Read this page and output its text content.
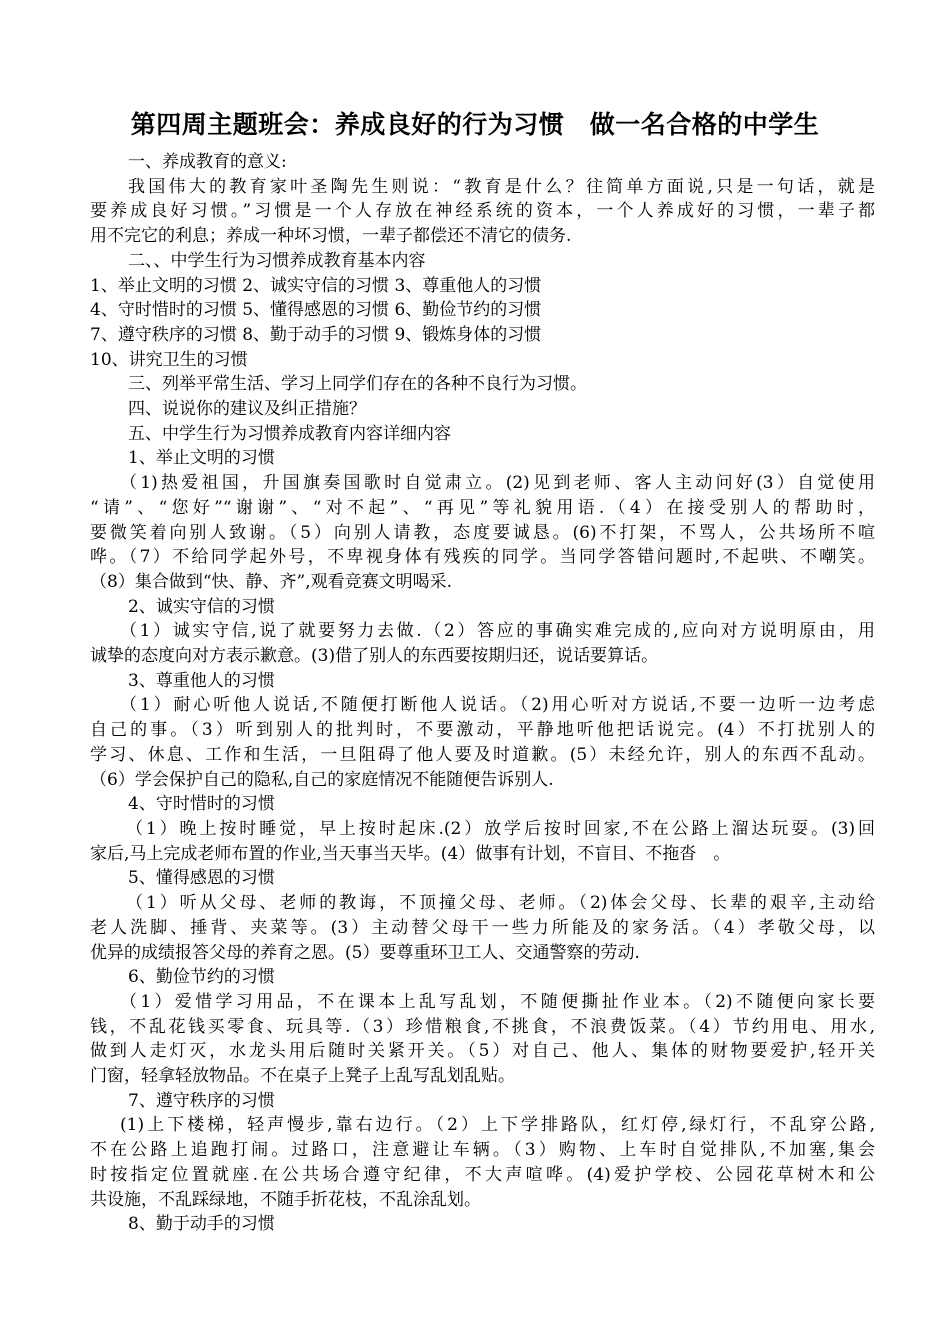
第四周主题班会：养成良好的行为习惯　做一名合格的中学生
一、养成教育的意义:
我国伟大的教育家叶圣陶先生则说：“教育是什么？往简单方面说,只是一句话，就是
要养成良好习惯。”习惯是一个人存放在神经系统的资本，一个人养成好的习惯，一辈子都
用不完它的利息；养成一种坏习惯，一辈子都偿还不清它的债务.
二、、中学生行为习惯养成教育基本内容
1、举止文明的习惯 2、诚实守信的习惯 3、尊重他人的习惯
4、守时惜时的习惯 5、懂得感恩的习惯 6、勤俭节约的习惯
7、遵守秩序的习惯 8、勤于动手的习惯 9、锻炼身体的习惯
10、讲究卫生的习惯
三、列举平常生活、学习上同学们存在的各种不良行为习惯。
四、说说你的建议及纠正措施？
五、中学生行为习惯养成教育内容详细内容
1、举止文明的习惯
（1)热爱祖国，升国旗奏国歌时自觉肃立。(2)见到老师、客人主动问好(3）自觉使用
“请”、“您好”“谢谢”、“对不起”、“再见”等礼貌用语.（4）在接受别人的帮助时，
要微笑着向别人致谢。（5）向别人请教，态度要诚恳。(6)不打架，不骂人，公共场所不喧
哗。（7）不给同学起外号，不卑视身体有残疾的同学。当同学答错问题时,不起哄、不嘲笑。
（8）集合做到“快、静、齐”,观看竞赛文明喝采.
2、诚实守信的习惯
（1）诚实守信,说了就要努力去做.（2）答应的事确实难完成的,应向对方说明原由，用
诚挚的态度向对方表示歉意。(3)借了别人的东西要按期归还，说话要算话。
3、尊重他人的习惯
（1）耐心听他人说话,不随便打断他人说话。（2)用心听对方说话,不要一边听一边考虑
自己的事。（3）听到别人的批判时，不要激动，平静地听他把话说完。(4）不打扰别人的
学习、休息、工作和生活，一旦阻碍了他人要及时道歉。(5）未经允许，别人的东西不乱动。
（6）学会保护自己的隐私,自己的家庭情况不能随便告诉别人.
4、守时惜时的习惯
（1）晚上按时睡觉，早上按时起床.(2）放学后按时回家,不在公路上溜达玩耍。(3)回
家后,马上完成老师布置的作业,当天事当天毕。(4）做事有计划，不盲目、不拖沓　。
5、懂得感恩的习惯
（1）听从父母、老师的教诲，不顶撞父母、老师。（2)体会父母、长辈的艰辛,主动给
老人洗脚、捶背、夹菜等。(3）主动替父母干一些力所能及的家务活。（4）孝敬父母，以
优异的成绩报答父母的养育之恩。(5）要尊重环卫工人、交通警察的劳动.
6、勤俭节约的习惯
（1）爱惜学习用品，不在课本上乱写乱划，不随便撕扯作业本。（2)不随便向家长要
钱，不乱花钱买零食、玩具等.（3）珍惜粮食,不挑食，不浪费饭菜。（4）节约用电、用水,
做到人走灯灭，水龙头用后随时关紧开关。（5）对自己、他人、集体的财物要爱护,轻开关
门窗，轻拿轻放物品。不在桌子上凳子上乱写乱划乱贴。
7、遵守秩序的习惯
(1)上下楼梯，轻声慢步,靠右边行。（2）上下学排路队，红灯停,绿灯行，不乱穿公路,
不在公路上追跑打闹。过路口，注意避让车辆。（3）购物、上车时自觉排队,不加塞,集会
时按指定位置就座.在公共场合遵守纪律，不大声喧哗。(4)爱护学校、公园花草树木和公
共设施，不乱踩绿地，不随手折花枝，不乱涂乱划。
8、勤于动手的习惯
